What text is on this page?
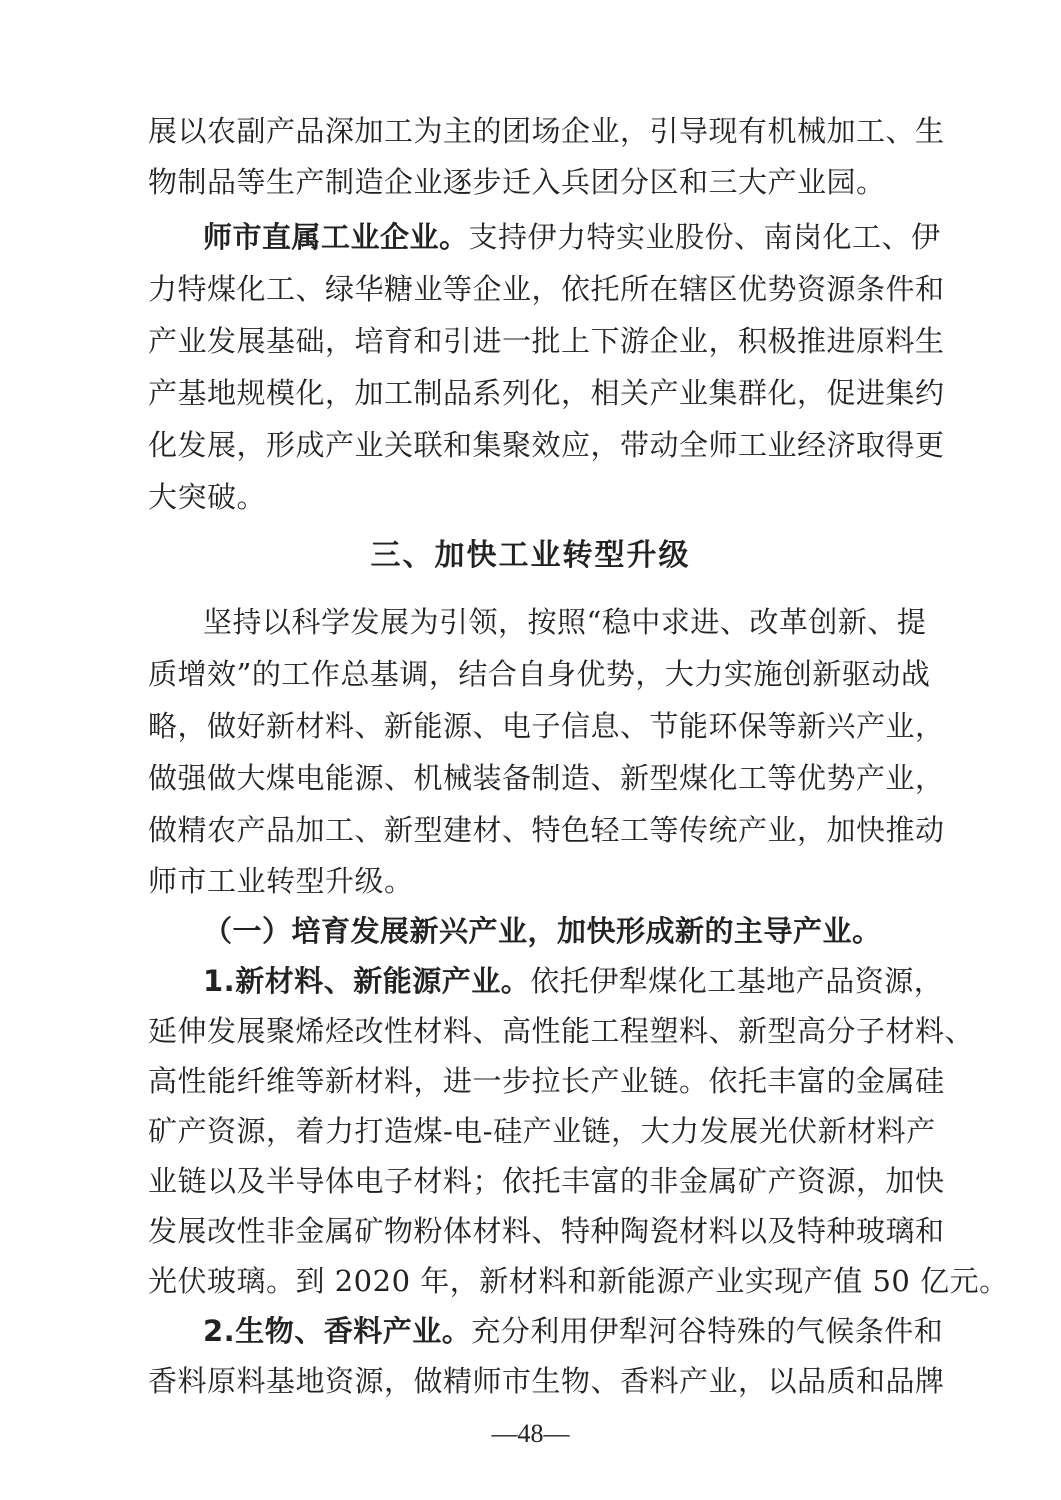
展以农副产品深加工为主的团场企业，引导现有机械加工、生
物制品等生产制造企业逐步迁入兵团分区和三大产业园。
师市直属工业企业。支持伊力特实业股份、南岗化工、伊
力特煤化工、绿华糖业等企业，依托所在辖区优势资源条件和
产业发展基础，培育和引进一批上下游企业，积极推进原料生
产基地规模化，加工制品系列化，相关产业集群化，促进集约
化发展，形成产业关联和集聚效应，带动全师工业经济取得更
大突破。
三、加快工业转型升级
坚持以科学发展为引领，按照“稳中求进、改革创新、提
质增效”的工作总基调，结合自身优势，大力实施创新驱动战
略，做好新材料、新能源、电子信息、节能环保等新兴产业，
做强做大煤电能源、机械装备制造、新型煤化工等优势产业，
做精农产品加工、新型建材、特色轻工等传统产业，加快推动
师市工业转型升级。
（一）培育发展新兴产业，加快形成新的主导产业。
1.新材料、新能源产业。依托伊犁煤化工基地产品资源，
延伸发展聚烯烃改性材料、高性能工程塑料、新型高分子材料、
高性能纤维等新材料，进一步拉长产业链。依托丰富的金属硅
矿产资源，着力打造煤-电-硅产业链，大力发展光伏新材料产
业链以及半导体电子材料；依托丰富的非金属矿产资源，加快
发展改性非金属矿物粉体材料、特种陶瓷材料以及特种玻璃和
光伏玻璃。到 2020 年，新材料和新能源产业实现产值 50 亿元。
2.生物、香料产业。充分利用伊犁河谷特殊的气候条件和
香料原料基地资源，做精师市生物、香料产业，以品质和品牌
—48—
